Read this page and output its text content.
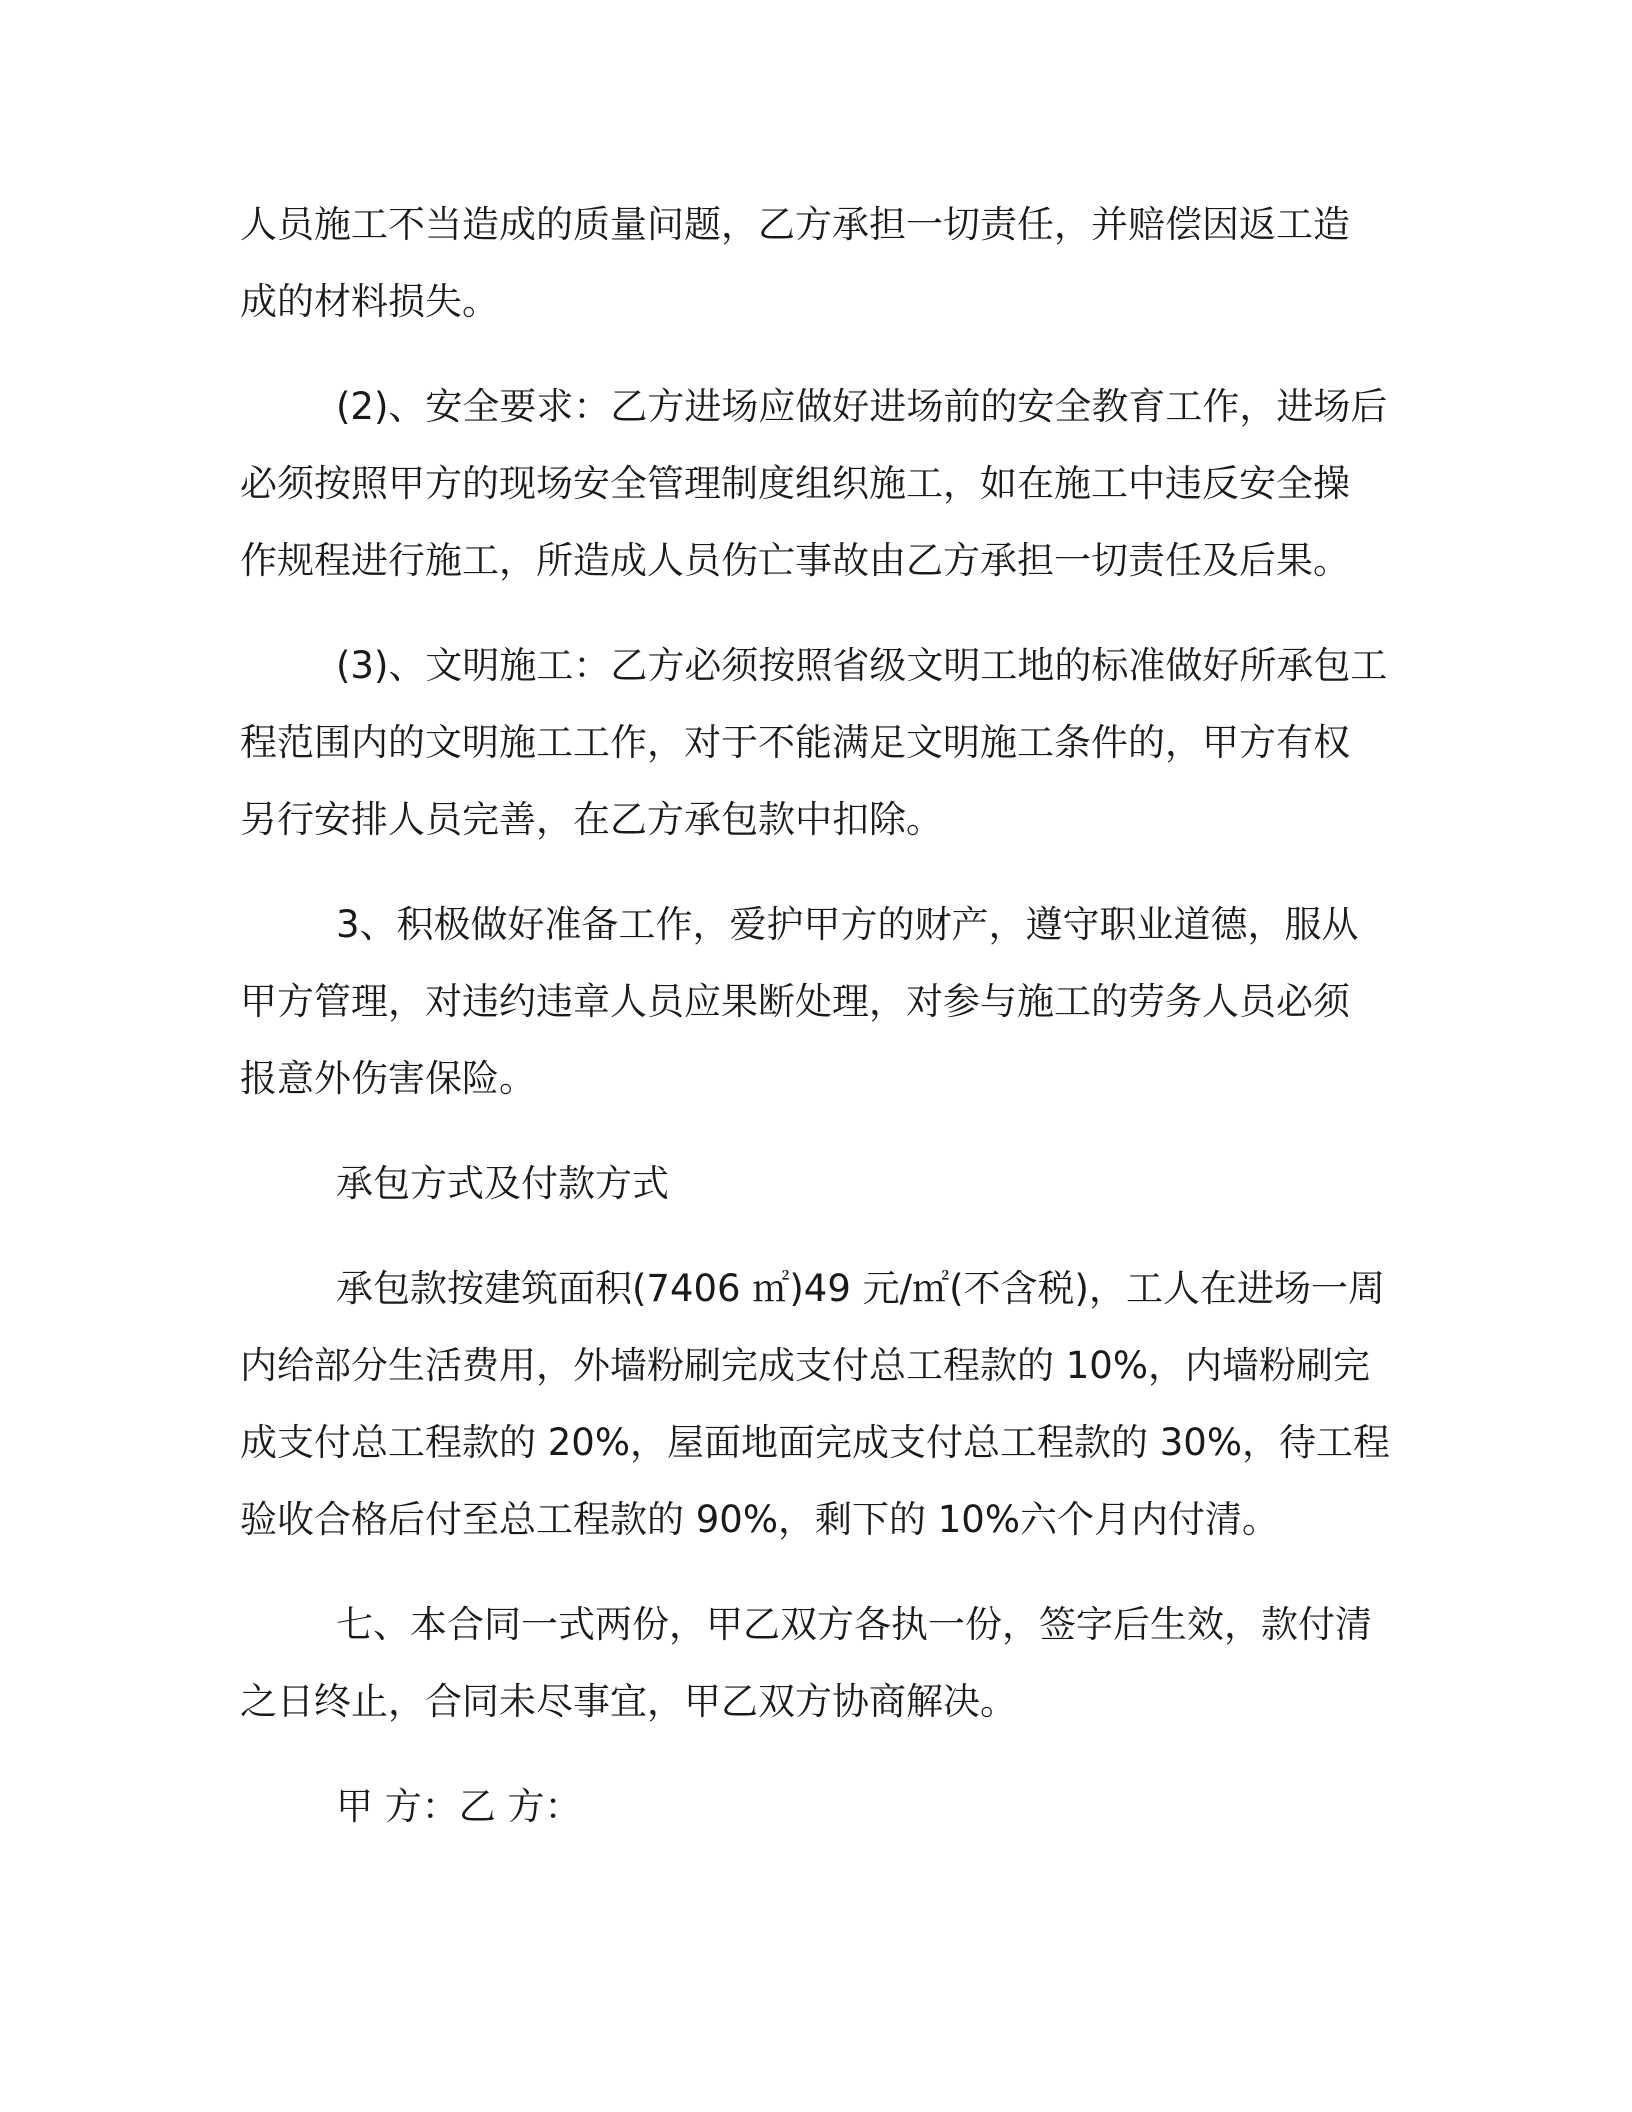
人员施工不当造成的质量问题，乙方承担一切责任，并赔偿因返工造
成的材料损失。

(2)、安全要求：乙方进场应做好进场前的安全教育工作，进场后
必须按照甲方的现场安全管理制度组织施工，如在施工中违反安全操
作规程进行施工，所造成人员伤亡事故由乙方承担一切责任及后果。

(3)、文明施工：乙方必须按照省级文明工地的标准做好所承包工
程范围内的文明施工工作，对于不能满足文明施工条件的，甲方有权
另行安排人员完善，在乙方承包款中扣除。

3、积极做好准备工作，爱护甲方的财产，遵守职业道德，服从
甲方管理，对违约违章人员应果断处理，对参与施工的劳务人员必须
报意外伤害保险。

承包方式及付款方式

承包款按建筑面积(7406 ㎡)49 元/㎡(不含税)，工人在进场一周
内给部分生活费用，外墙粉刷完成支付总工程款的 10%，内墙粉刷完
成支付总工程款的 20%，屋面地面完成支付总工程款的 30%，待工程
验收合格后付至总工程款的 90%，剩下的 10%六个月内付清。

七、本合同一式两份，甲乙双方各执一份，签字后生效，款付清
之日终止，合同未尽事宜，甲乙双方协商解决。

甲 方：乙 方：
